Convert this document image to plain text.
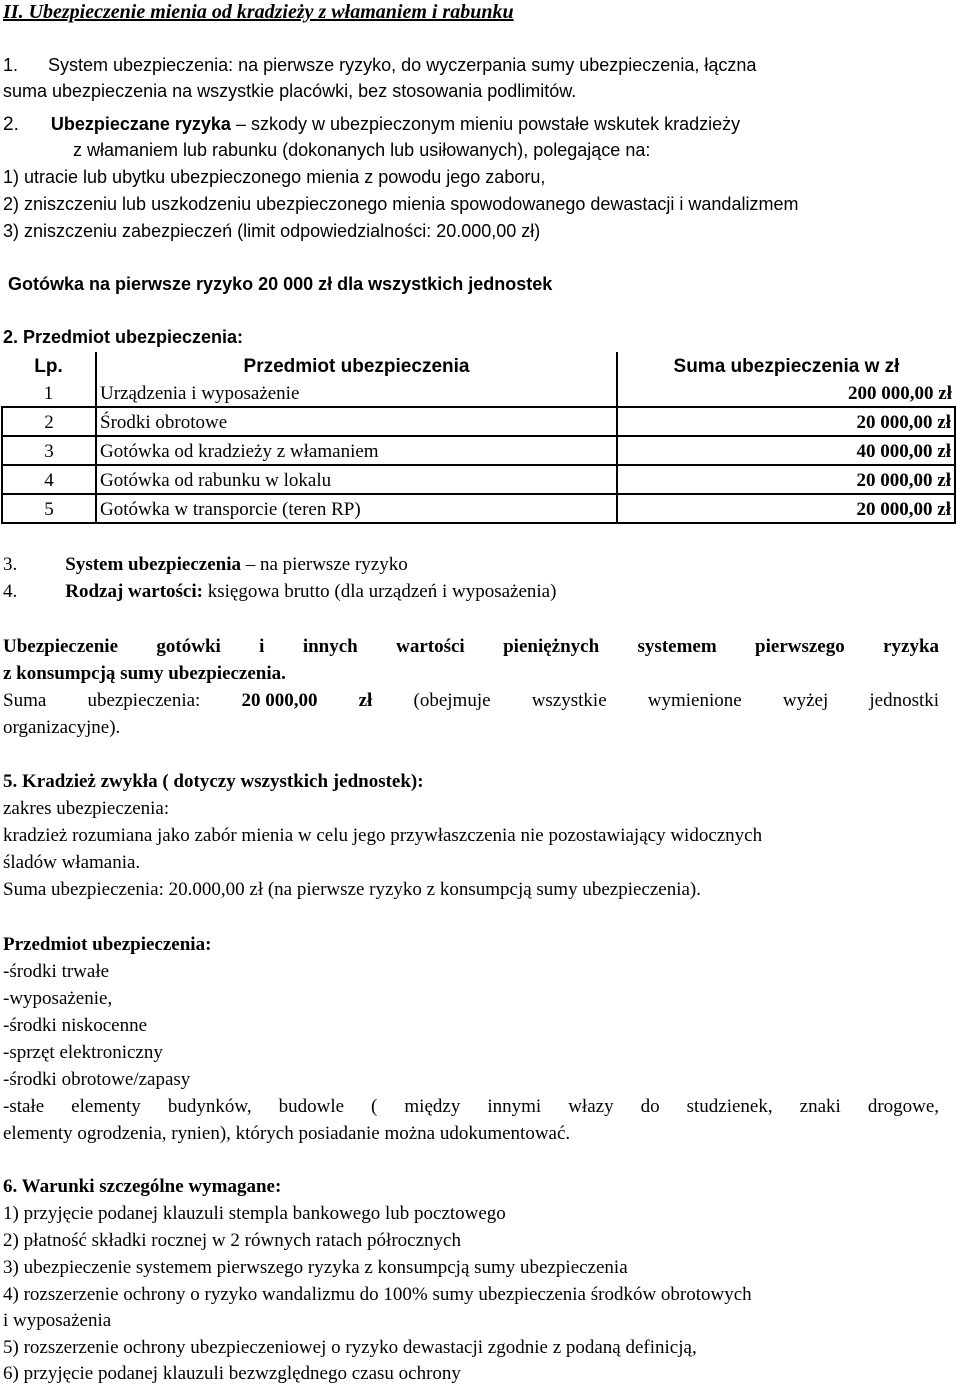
II. Ubezpieczenie mienia od kradzieży z włamaniem i rabunku
1. System ubezpieczenia: na pierwsze ryzyko, do wyczerpania sumy ubezpieczenia, łączna
suma ubezpieczenia na wszystkie placówki, bez stosowania podlimitów.
2. Ubezpieczane ryzyka – szkody w ubezpieczonym mieniu powstałe wskutek kradzieży
z włamaniem lub rabunku (dokonanych lub usiłowanych), polegające na:
1) utracie lub ubytku ubezpieczonego mienia z powodu jego zaboru,
2) zniszczeniu lub uszkodzeniu ubezpieczonego mienia spowodowanego dewastacji i wandalizmem
3) zniszczeniu zabezpieczeń (limit odpowiedzialności: 20.000,00 zł)
Gotówka na pierwsze ryzyko 20 000 zł dla wszystkich jednostek
2. Przedmiot ubezpieczenia:
Lp.	Przedmiot ubezpieczenia	Suma ubezpieczenia w zł
1	Urządzenia i wyposażenie	200 000,00 zł
2	Środki obrotowe	20 000,00 zł
3	Gotówka od kradzieży z włamaniem	40 000,00 zł
4	Gotówka od rabunku w lokalu	20 000,00 zł
5	Gotówka w transporcie (teren RP)	20 000,00 zł
3.	System ubezpieczenia – na pierwsze ryzyko
4.	Rodzaj wartości: księgowa brutto (dla urządzeń i wyposażenia)
Ubezpieczenie gotówki i innych wartości pieniężnych systemem pierwszego ryzyka
z konsumpcją sumy ubezpieczenia.
Suma ubezpieczenia: 20 000,00 zł (obejmuje wszystkie wymienione wyżej jednostki
organizacyjne).
5. Kradzież zwykła ( dotyczy wszystkich jednostek):
zakres ubezpieczenia:
kradzież rozumiana jako zabór mienia w celu jego przywłaszczenia nie pozostawiający widocznych
śladów włamania.
Suma ubezpieczenia: 20.000,00 zł (na pierwsze ryzyko z konsumpcją sumy ubezpieczenia).
Przedmiot ubezpieczenia:
-środki trwałe
-wyposażenie,
-środki niskocenne
-sprzęt elektroniczny
-środki obrotowe/zapasy
-stałe elementy budynków, budowle ( między innymi włazy do studzienek, znaki drogowe,
elementy ogrodzenia, rynien), których posiadanie można udokumentować.
6. Warunki szczególne wymagane:
1) przyjęcie podanej klauzuli stempla bankowego lub pocztowego
2) płatność składki rocznej w 2 równych ratach półrocznych
3) ubezpieczenie systemem pierwszego ryzyka z konsumpcją sumy ubezpieczenia
4) rozszerzenie ochrony o ryzyko wandalizmu do 100% sumy ubezpieczenia środków obrotowych
i wyposażenia
5) rozszerzenie ochrony ubezpieczeniowej o ryzyko dewastacji zgodnie z podaną definicją,
6) przyjęcie podanej klauzuli bezwzględnego czasu ochrony
